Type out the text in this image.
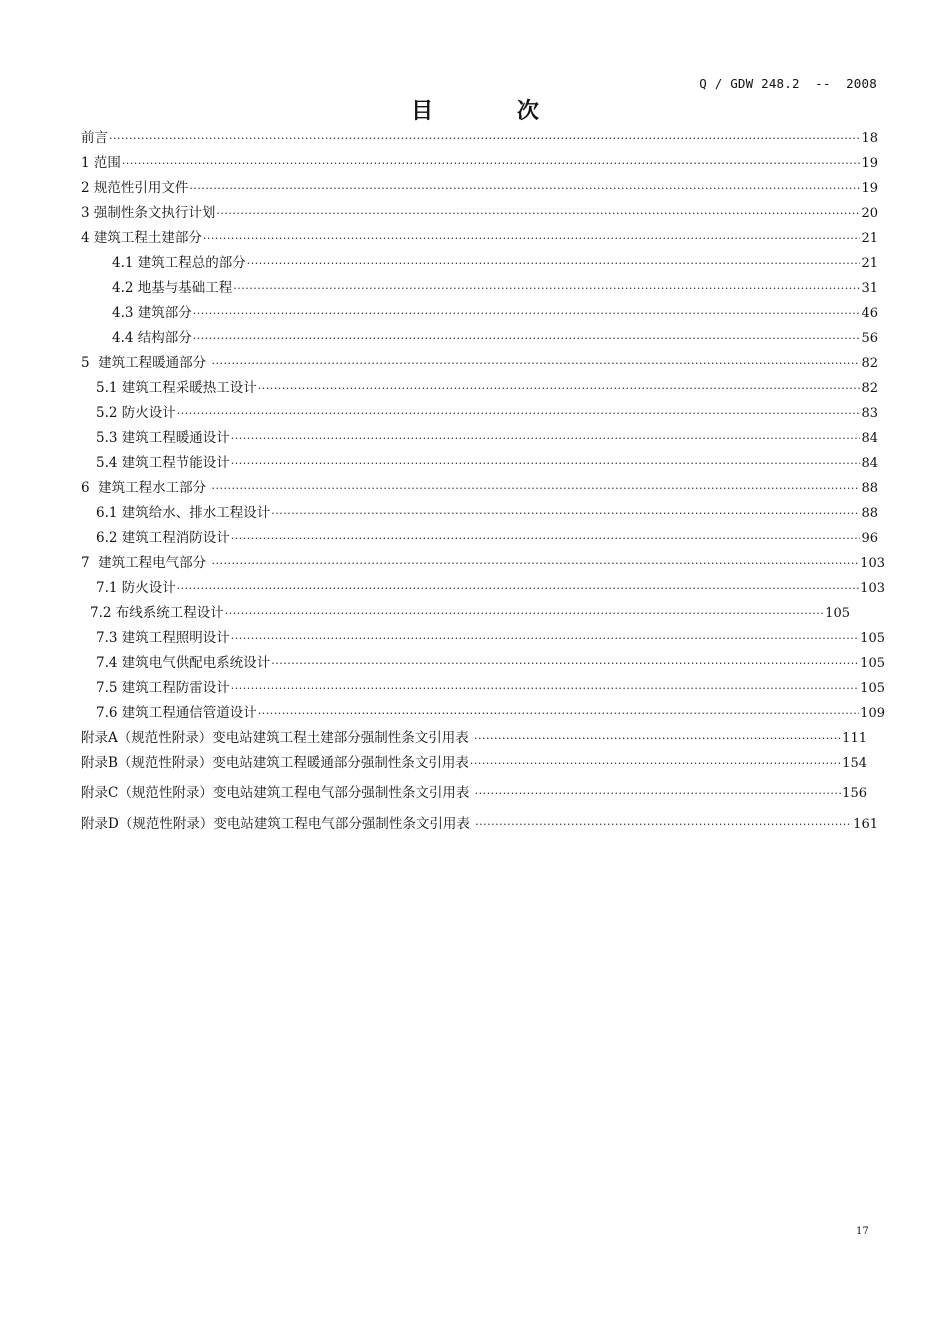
Q / GDW 248.2  --  2008
目 次
前言 ·····	18
1 范围 ·····	19
2 规范性引用文件 ·····	19
3 强制性条文执行计划 ·····	20
4 建筑工程土建部分 ·····	21
4.1 建筑工程总的部分 ·····	21
4.2 地基与基础工程 ·····	31
4.3 建筑部分 ·····	46
4.4 结构部分 ·····	56
5  建筑工程暖通部分 ·····	82
5.1 建筑工程采暖热工设计 ·····	82
5.2 防火设计 ·····	83
5.3 建筑工程暖通设计 ·····	84
5.4 建筑工程节能设计 ·····	84
6  建筑工程水工部分 ·····	88
6.1 建筑给水、排水工程设计 ·····	88
6.2 建筑工程消防设计 ·····	96
7  建筑工程电气部分 ·····	103
7.1 防火设计 ·····	103
7.2 布线系统工程设计 ·····	105
7.3 建筑工程照明设计 ·····	105
7.4 建筑电气供配电系统设计 ·····	105
7.5 建筑工程防雷设计 ·····	105
7.6 建筑工程通信管道设计 ·····	109
附录A（规范性附录）变电站建筑工程土建部分强制性条文引用表 ·····	111
附录B（规范性附录）变电站建筑工程暖通部分强制性条文引用表 ·····	154
附录C（规范性附录）变电站建筑工程电气部分强制性条文引用表 ·····	156
附录D（规范性附录）变电站建筑工程电气部分强制性条文引用表 ·····	161
17
